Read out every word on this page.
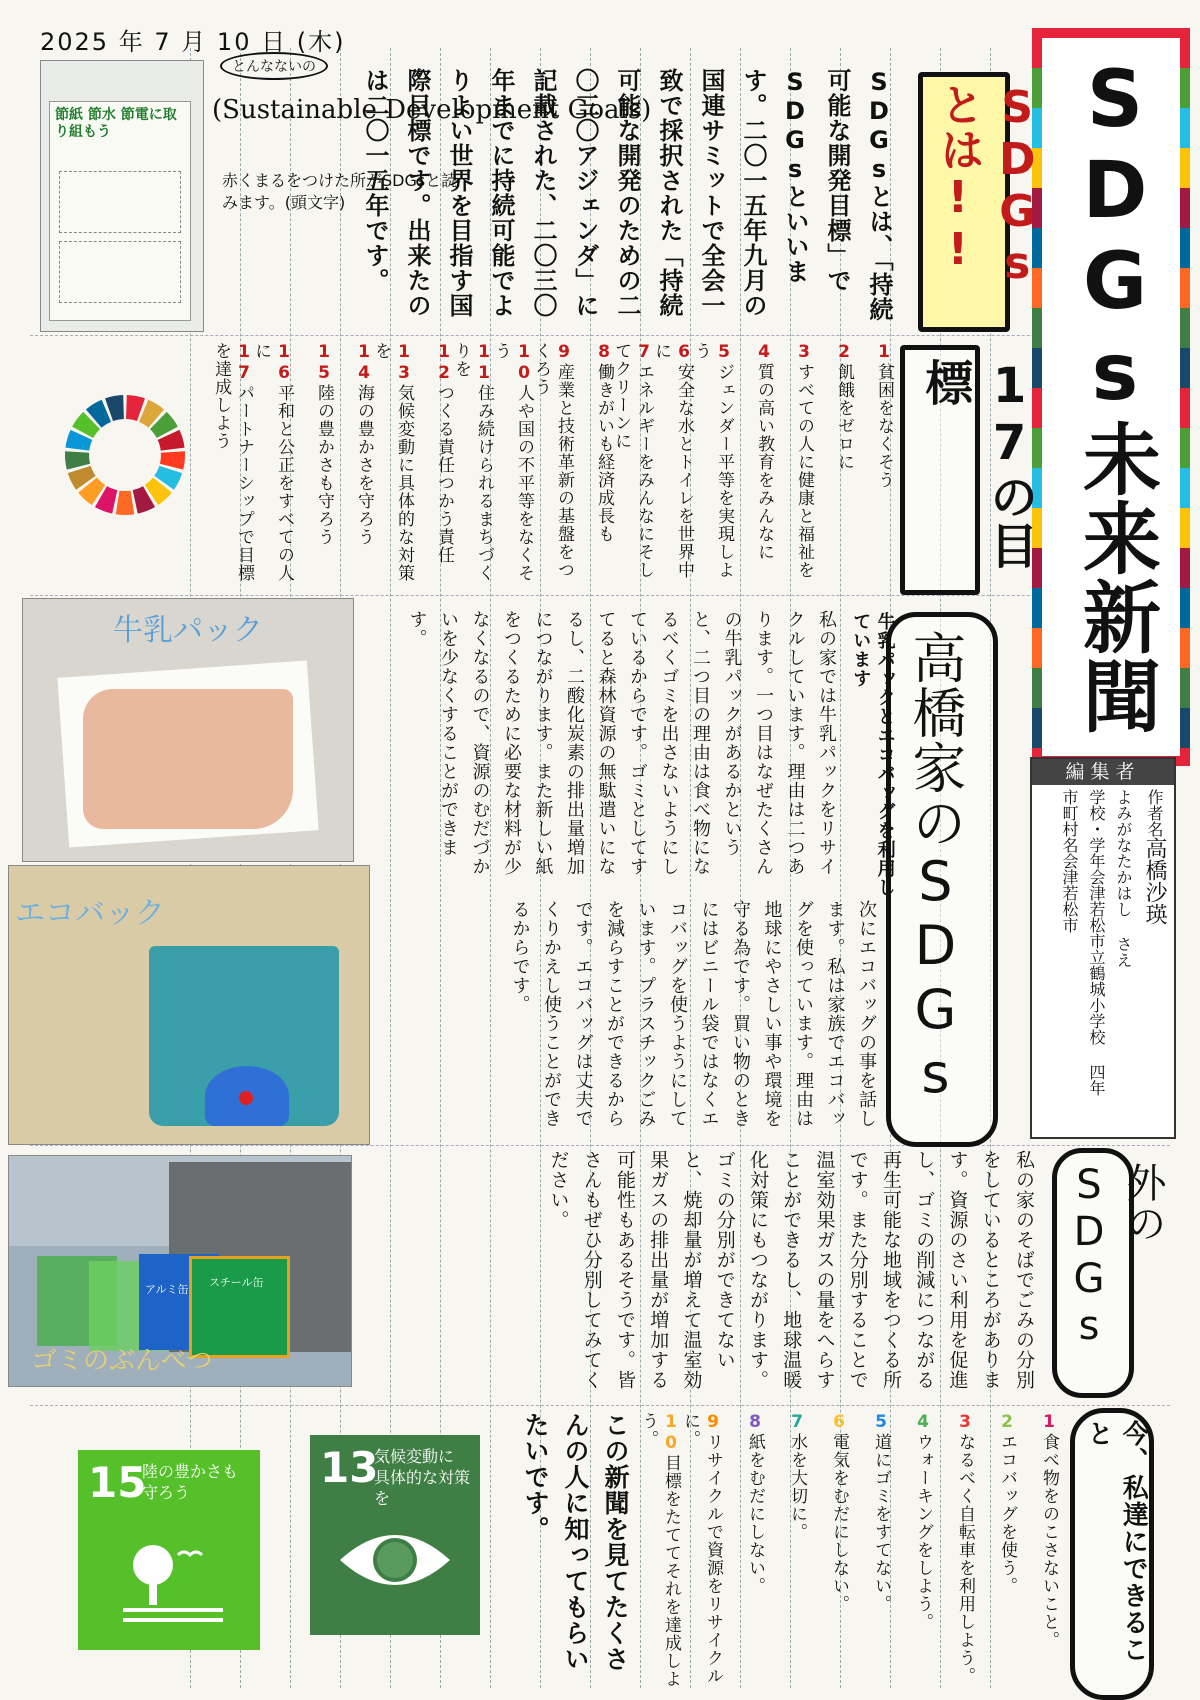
2025 年 7 月 10 日 (木)
SDGs未来新聞
編集者
作者名高橋沙瑛
よみがなたかはし さえ
学校・学年会津若松市立鶴城小学校 四年
市町村名会津若松市
節紙 節水 節電に取り組もう

とんなないの
(Sustainable Development Goals)
赤くまるをつけた所がSDGsと読みます。(頭文字)	SDGsとは、「持続可能な開発目標」でSDGsといいます。二〇一五年九月の国連サミットで全会一致で採択された「持続可能な開発のための二〇三〇アジェンダ」に記載された、二〇三〇年までに持続可能でよりよい世界を目指す国際目標です。出来たのは二〇一五年です。	SDGsとは!!
17の目標
1貧困をなくそう
2飢餓をゼロに
3すべての人に健康と福祉を
4質の高い教育をみんなに
5ジェンダー平等を実現しよう
6安全な水とトイレを世界中に
7エネルギーをみんなにそしてクリーンに
8働きがいも経済成長も
9産業と技術革新の基盤をつくろう
10人や国の不平等をなくそう
11住み続けられるまちづくりを
12つくる責任つかう責任
13気候変動に具体的な対策を
14海の豊かさを守ろう
15陸の豊かさも守ろう
16平和と公正をすべての人に
17パートナーシップで目標を達成しよう
牛乳パック	高橋家のSDGs
牛乳パックとエコバッグを利用しています
私の家では牛乳パックをリサイクルしています。理由は二つあります。一つ目はなぜたくさんの牛乳パックがあるかというと、二つ目の理由は食べ物になるべくゴミを出さないようにしているからです。ゴミとしてすてると森林資源の無駄遣いになるし、二酸化炭素の排出量増加につながります。また新しい紙をつくるために必要な材料が少なくなるので、資源のむだづかいを少なくすることができます。
次にエコバッグの事を話します。私は家族でエコバッグを使っています。理由は地球にやさしい事や環境を守る為です。買い物のときにはビニール袋ではなくエコバッグを使うようにしています。プラスチックごみを減らすことができるからです。エコバッグは丈夫でくりかえし使うことができるからです。
エコバック
アルミ缶
スチール缶
ゴミのぶんべつ
外のSDGs
私の家のそばでごみの分別をしているところがあります。資源のさい利用を促進し、ゴミの削減につながる再生可能な地域をつくる所です。また分別することで温室効果ガスの量をへらすことができるし、地球温暖化対策にもつながります。ゴミの分別ができてないと、焼却量が増えて温室効果ガスの排出量が増加する可能性もあるそうです。皆さんもぜひ分別してみてください。
今、私達にできること
1食べ物をのこさないこと。
2エコバッグを使う。
3なるべく自転車を利用しよう。
4ウォーキングをしよう。
5道にゴミをすてない。
6電気をむだにしない。
7水を大切に。
8紙をむだにしない。
9リサイクルで資源をリサイクルに。
10目標をたててそれを達成しよう。
この新聞を見てたくさんの人に知ってもらいたいです。
15
陸の豊かさも
守ろう
13
気候変動に
具体的な対策を
